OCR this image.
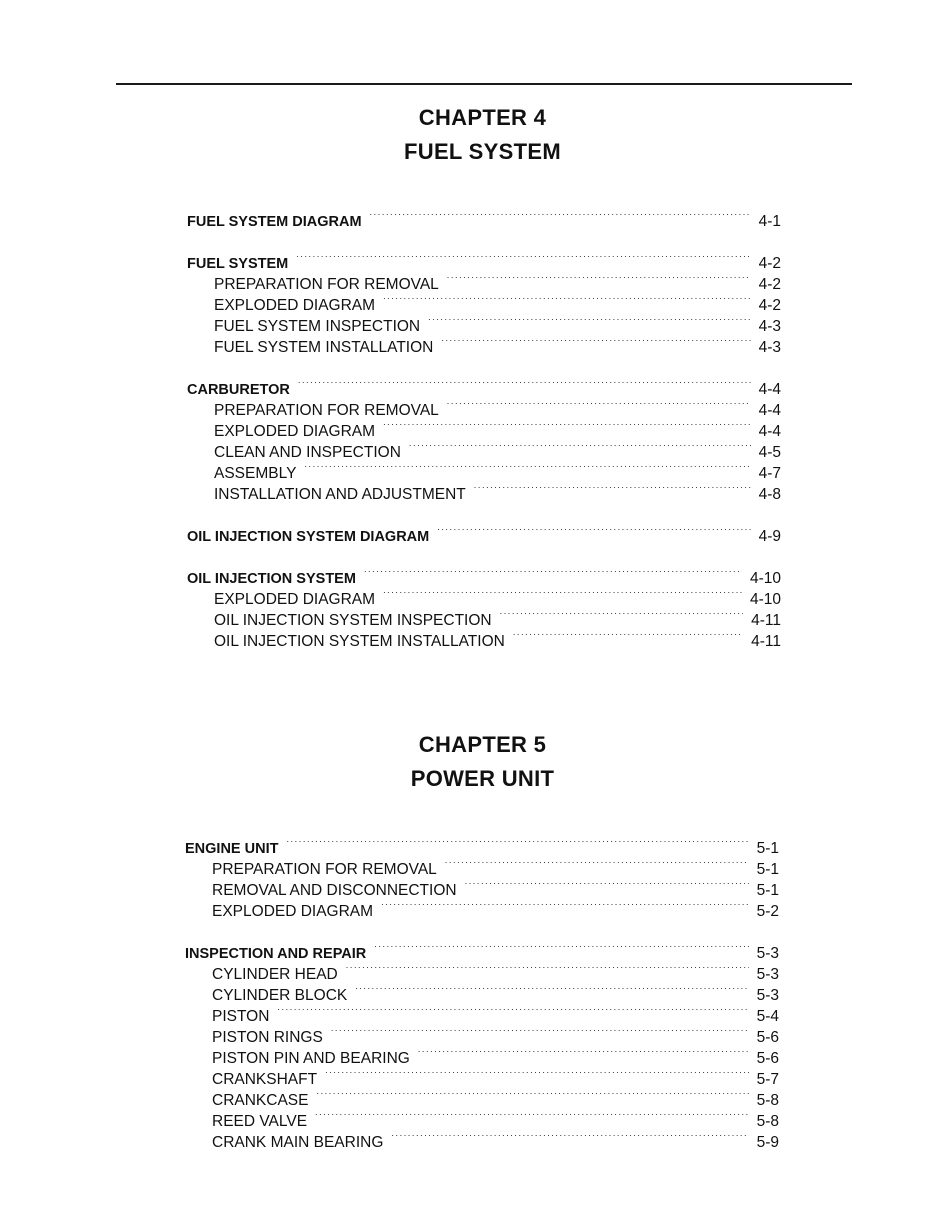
CHAPTER 4
FUEL SYSTEM
FUEL SYSTEM DIAGRAM .....	4-1
FUEL SYSTEM .....	4-2
PREPARATION FOR REMOVAL .....	4-2
EXPLODED DIAGRAM .....	4-2
FUEL SYSTEM INSPECTION .....	4-3
FUEL SYSTEM INSTALLATION .....	4-3
CARBURETOR .....	4-4
PREPARATION FOR REMOVAL .....	4-4
EXPLODED DIAGRAM .....	4-4
CLEAN AND INSPECTION .....	4-5
ASSEMBLY .....	4-7
INSTALLATION AND ADJUSTMENT .....	4-8
OIL INJECTION SYSTEM DIAGRAM .....	4-9
OIL INJECTION SYSTEM .....	4-10
EXPLODED DIAGRAM .....	4-10
OIL INJECTION SYSTEM INSPECTION .....	4-11
OIL INJECTION SYSTEM INSTALLATION .....	4-11
CHAPTER 5
POWER UNIT
ENGINE UNIT .....	5-1
PREPARATION FOR REMOVAL .....	5-1
REMOVAL AND DISCONNECTION .....	5-1
EXPLODED DIAGRAM .....	5-2
INSPECTION AND REPAIR .....	5-3
CYLINDER HEAD .....	5-3
CYLINDER BLOCK .....	5-3
PISTON .....	5-4
PISTON RINGS .....	5-6
PISTON PIN AND BEARING .....	5-6
CRANKSHAFT .....	5-7
CRANKCASE .....	5-8
REED VALVE .....	5-8
CRANK MAIN BEARING .....	5-9
